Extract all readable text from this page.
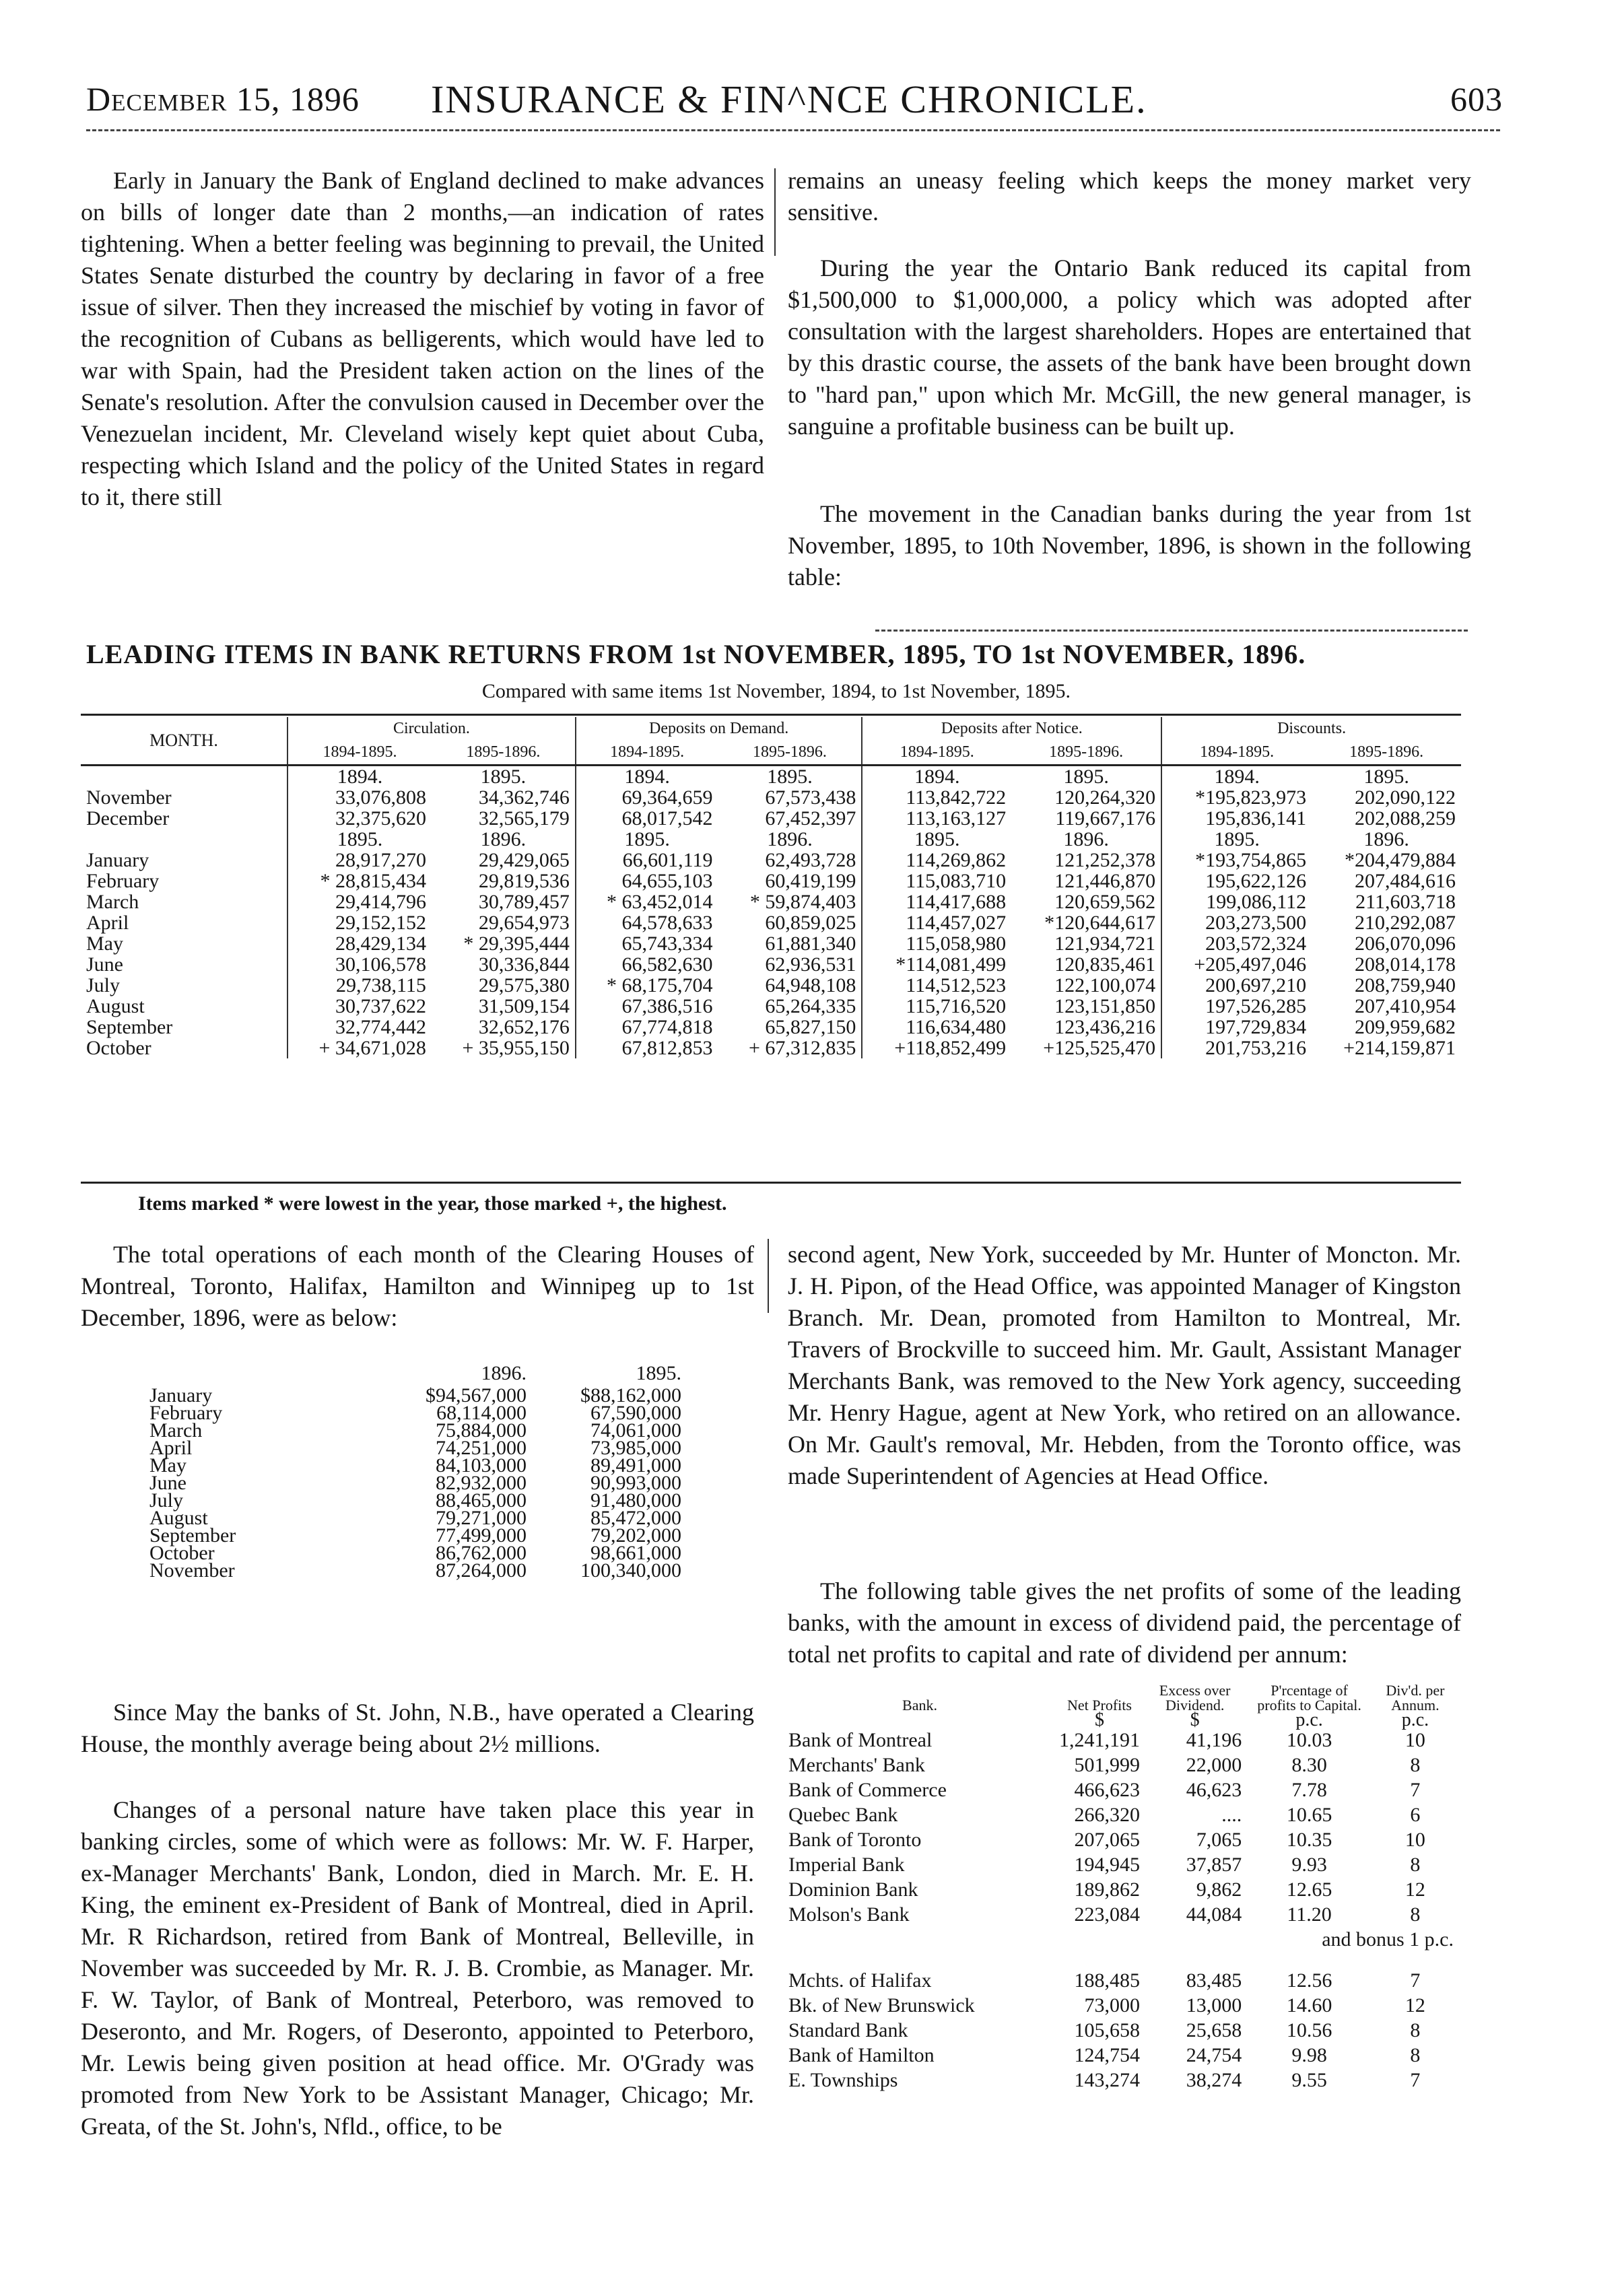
December 15, 1896 INSURANCE & FIN^NCE CHRONICLE.	603

Early in January the Bank of England declined to make advances on bills of longer date than 2 months,—an indication of rates tightening. When a better feeling was beginning to prevail, the United States Senate disturbed the country by declaring in favor of a free issue of silver. Then they increased the mischief by voting in favor of the recognition of Cubans as belligerents, which would have led to war with Spain, had the President taken action on the lines of the Senate's resolution. After the convulsion caused in December over the Venezuelan incident, Mr. Cleveland wisely kept quiet about Cuba, respecting which Island and the policy of the United States in regard to it, there still

remains an uneasy feeling which keeps the money market very sensitive.

During the year the Ontario Bank reduced its capital from $1,500,000 to $1,000,000, a policy which was adopted after consultation with the largest shareholders. Hopes are entertained that by this drastic course, the assets of the bank have been brought down to "hard pan," upon which Mr. McGill, the new general manager, is sanguine a profitable business can be built up.

The movement in the Canadian banks during the year from 1st November, 1895, to 10th November, 1896, is shown in the following table:

LEADING ITEMS IN BANK RETURNS FROM 1st NOVEMBER, 1895, TO 1st NOVEMBER, 1896.
Compared with same items 1st November, 1894, to 1st November, 1895.
MONTH.	Circulation.		Deposits on Demand.		Deposits after Notice.		Discounts.	
	1894-1895.	1895-1896.	1894-1895.	1895-1896.	1894-1895.	1895-1896.	1894-1895.	1895-1896.
	1894.	1895.	1894.	1895.	1894.	1895.	1894.	1895.
November	33,076,808	34,362,746	69,364,659	67,573,438	113,842,722	120,264,320	*195,823,973	202,090,122
December	32,375,620	32,565,179	68,017,542	67,452,397	113,163,127	119,667,176	195,836,141	202,088,259
	1895.	1896.	1895.	1896.	1895.	1896.	1895.	1896.
January	28,917,270	29,429,065	66,601,119	62,493,728	114,269,862	121,252,378	*193,754,865	*204,479,884
February	* 28,815,434	29,819,536	64,655,103	60,419,199	115,083,710	121,446,870	195,622,126	207,484,616
March	29,414,796	30,789,457	* 63,452,014	* 59,874,403	114,417,688	120,659,562	199,086,112	211,603,718
April	29,152,152	29,654,973	64,578,633	60,859,025	114,457,027	*120,644,617	203,273,500	210,292,087
May	28,429,134	* 29,395,444	65,743,334	61,881,340	115,058,980	121,934,721	203,572,324	206,070,096
June	30,106,578	30,336,844	66,582,630	62,936,531	*114,081,499	120,835,461	+205,497,046	208,014,178
July	29,738,115	29,575,380	* 68,175,704	64,948,108	114,512,523	122,100,074	200,697,210	208,759,940
August	30,737,622	31,509,154	67,386,516	65,264,335	115,716,520	123,151,850	197,526,285	207,410,954
September	32,774,442	32,652,176	67,774,818	65,827,150	116,634,480	123,436,216	197,729,834	209,959,682
October	+ 34,671,028	+ 35,955,150	67,812,853	+ 67,312,835	+118,852,499	+125,525,470	201,753,216	+214,159,871
Items marked * were lowest in the year, those marked +, the highest.

The total operations of each month of the Clearing Houses of Montreal, Toronto, Halifax, Hamilton and Winnipeg up to 1st December, 1896, were as below:

	1896.	1895.
January	$94,567,000	$88,162,000
February	68,114,000	67,590,000
March	75,884,000	74,061,000
April	74,251,000	73,985,000
May	84,103,000	89,491,000
June	82,932,000	90,993,000
July	88,465,000	91,480,000
August	79,271,000	85,472,000
September	77,499,000	79,202,000
October	86,762,000	98,661,000
November	87,264,000	100,340,000

Since May the banks of St. John, N.B., have operated a Clearing House, the monthly average being about 2½ millions.

Changes of a personal nature have taken place this year in banking circles, some of which were as follows: Mr. W. F. Harper, ex-Manager Merchants' Bank, London, died in March. Mr. E. H. King, the eminent ex-President of Bank of Montreal, died in April. Mr. R Richardson, retired from Bank of Montreal, Belleville, in November was succeeded by Mr. R. J. B. Crombie, as Manager. Mr. F. W. Taylor, of Bank of Montreal, Peterboro, was removed to Deseronto, and Mr. Rogers, of Deseronto, appointed to Peterboro, Mr. Lewis being given position at head office. Mr. O'Grady was promoted from New York to be Assistant Manager, Chicago; Mr. Greata, of the St. John's, Nfld., office, to be

second agent, New York, succeeded by Mr. Hunter of Moncton. Mr. J. H. Pipon, of the Head Office, was appointed Manager of Kingston Branch. Mr. Dean, promoted from Hamilton to Montreal, Mr. Travers of Brockville to succeed him. Mr. Gault, Assistant Manager Merchants Bank, was removed to the New York agency, succeeding Mr. Henry Hague, agent at New York, who retired on an allowance. On Mr. Gault's removal, Mr. Hebden, from the Toronto office, was made Superintendent of Agencies at Head Office.

The following table gives the net profits of some of the leading banks, with the amount in excess of dividend paid, the percentage of total net profits to capital and rate of dividend per annum:

Bank.	Net Profits	Excess over Dividend.	P'rcentage of profits to Capital.	Div'd. per Annum.
	$	$	p.c.	p.c.
Bank of Montreal	1,241,191	41,196	10.03	10
Merchants' Bank	501,999	22,000	8.30	8
Bank of Commerce	466,623	46,623	7.78	7
Quebec Bank	266,320	....	10.65	6
Bank of Toronto	207,065	7,065	10.35	10
Imperial Bank	194,945	37,857	9.93	8
Dominion Bank	189,862	9,862	12.65	12
Molson's Bank	223,084	44,084	11.20	8
and bonus 1 p.c.				

Mchts. of Halifax	188,485	83,485	12.56	7
Bk. of New Brunswick	73,000	13,000	14.60	12
Standard Bank	105,658	25,658	10.56	8
Bank of Hamilton	124,754	24,754	9.98	8
E. Townships	143,274	38,274	9.55	7
